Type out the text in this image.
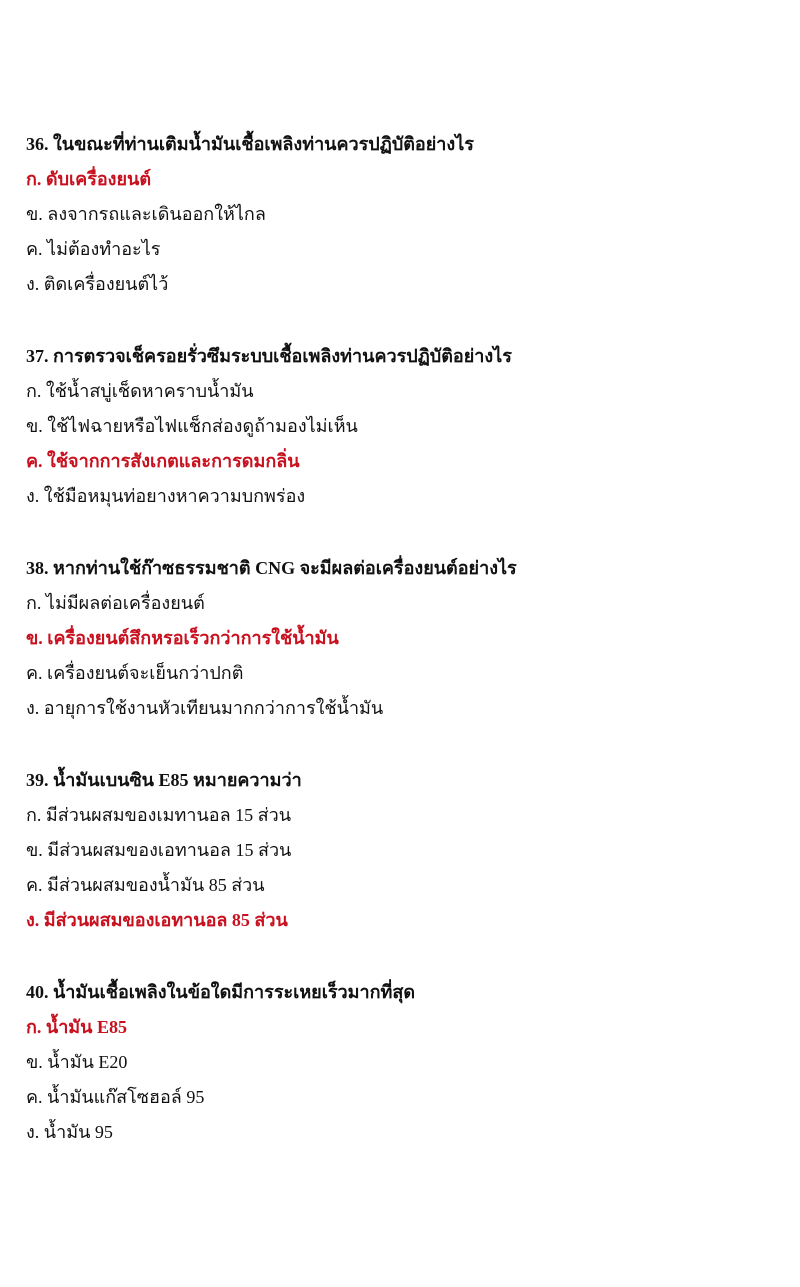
36. ในขณะที่ท่านเติมน้ำมันเชื้อเพลิงท่านควรปฏิบัติอย่างไร
ก. ดับเครื่องยนต์
ข. ลงจากรถและเดินออกให้ไกล
ค. ไม่ต้องทำอะไร
ง. ติดเครื่องยนต์ไว้
37. การตรวจเช็ครอยรั่วซึมระบบเชื้อเพลิงท่านควรปฏิบัติอย่างไร
ก. ใช้น้ำสบู่เช็ดหาคราบน้ำมัน
ข. ใช้ไฟฉายหรือไฟแช็กส่องดูถ้ามองไม่เห็น
ค. ใช้จากการสังเกตและการดมกลิ่น
ง. ใช้มือหมุนท่อยางหาความบกพร่อง
38. หากท่านใช้ก๊าซธรรมชาติ CNG จะมีผลต่อเครื่องยนต์อย่างไร
ก. ไม่มีผลต่อเครื่องยนต์
ข. เครื่องยนต์สึกหรอเร็วกว่าการใช้น้ำมัน
ค. เครื่องยนต์จะเย็นกว่าปกติ
ง. อายุการใช้งานหัวเทียนมากกว่าการใช้น้ำมัน
39. น้ำมันเบนซิน E85 หมายความว่า
ก. มีส่วนผสมของเมทานอล 15 ส่วน
ข. มีส่วนผสมของเอทานอล 15 ส่วน
ค. มีส่วนผสมของน้ำมัน 85 ส่วน
ง. มีส่วนผสมของเอทานอล 85 ส่วน
40. น้ำมันเชื้อเพลิงในข้อใดมีการระเหยเร็วมากที่สุด
ก. น้ำมัน E85
ข. น้ำมัน E20
ค. น้ำมันแก๊สโซฮอล์ 95
ง. น้ำมัน 95
